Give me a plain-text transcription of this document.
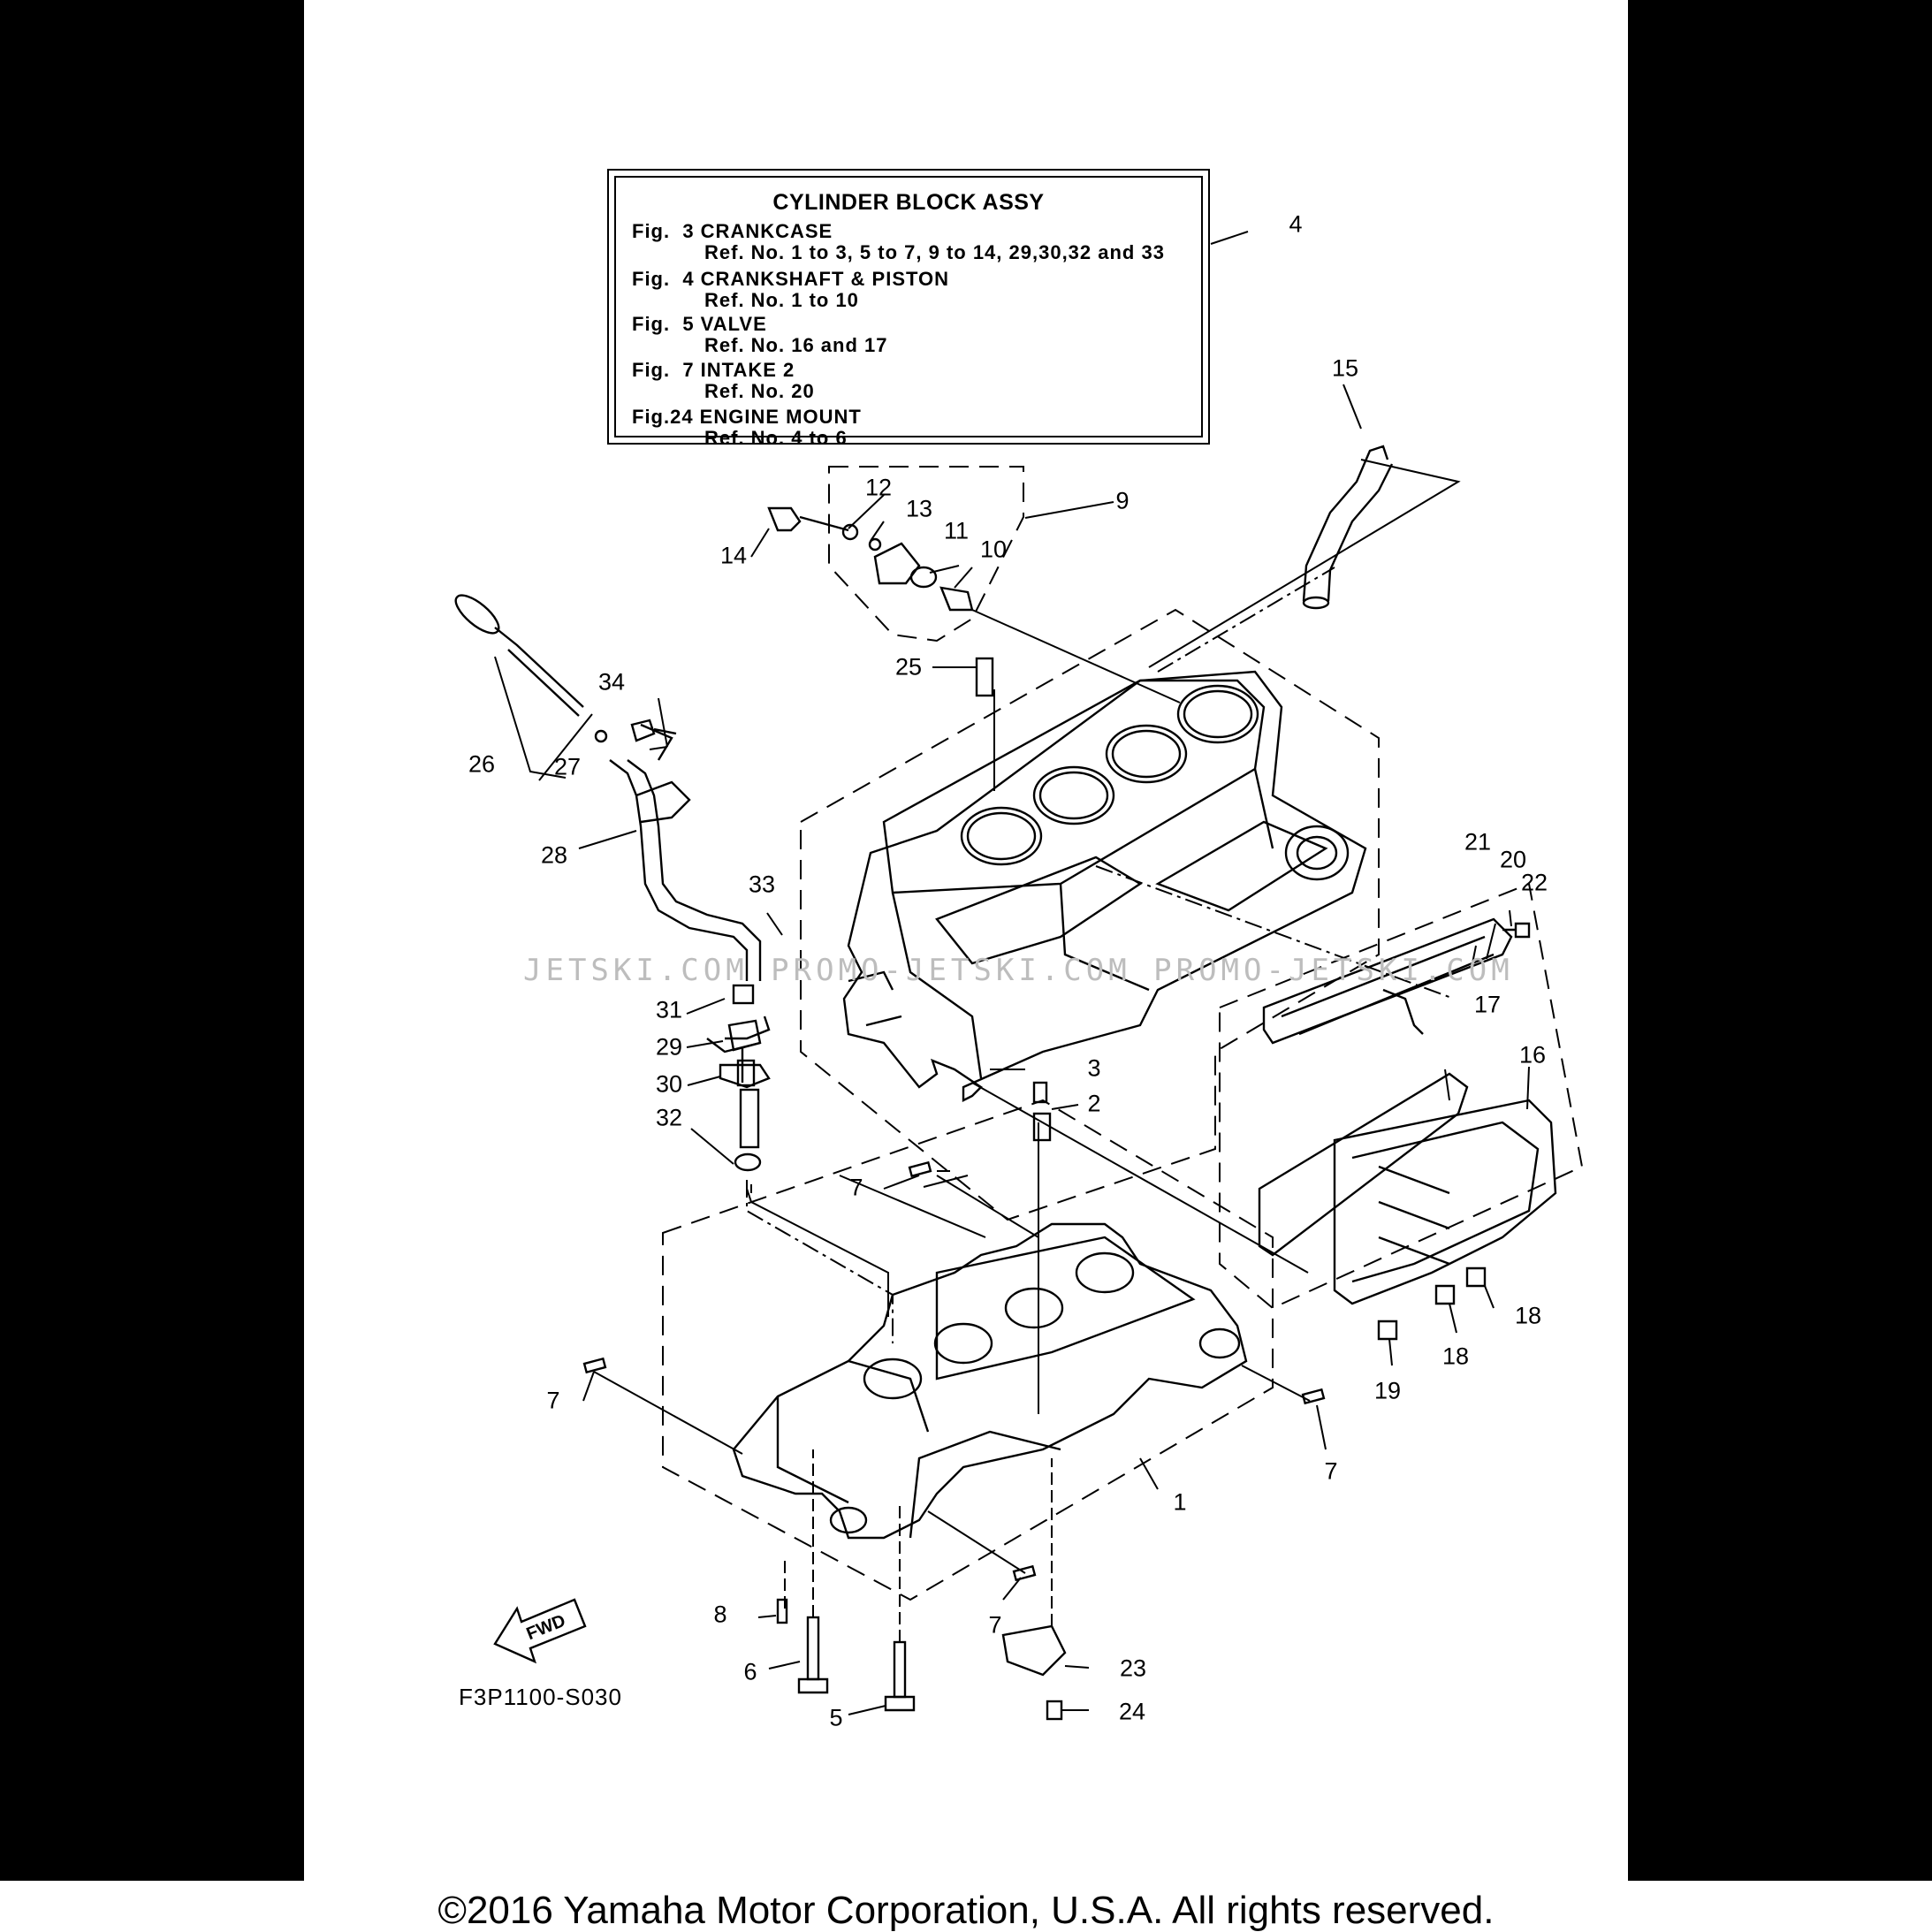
CYLINDER BLOCK ASSY
Fig.  3 CRANKCASE
Ref. No. 1 to 3, 5 to 7, 9 to 14, 29,30,32 and 33
Fig.  4 CRANKSHAFT & PISTON
Ref. No. 1 to 10
Fig.  5 VALVE
Ref. No. 16 and 17
Fig.  7 INTAKE 2
Ref. No. 20
Fig.24 ENGINE MOUNT
Ref. No. 4 to 6
JETSKI.COM PROMO-JETSKI.COM PROMO-JETSKI.COM
4
15
12
13	9
11
10
14
25
34
26 27
28
33
21
20
22
31
29
17
3
30
16
2
32
7
18
18
7	19
7
1
8	7
6	23
5	24
FWD
F3P1100-S030
©2016 Yamaha Motor Corporation, U.S.A. All rights reserved.
